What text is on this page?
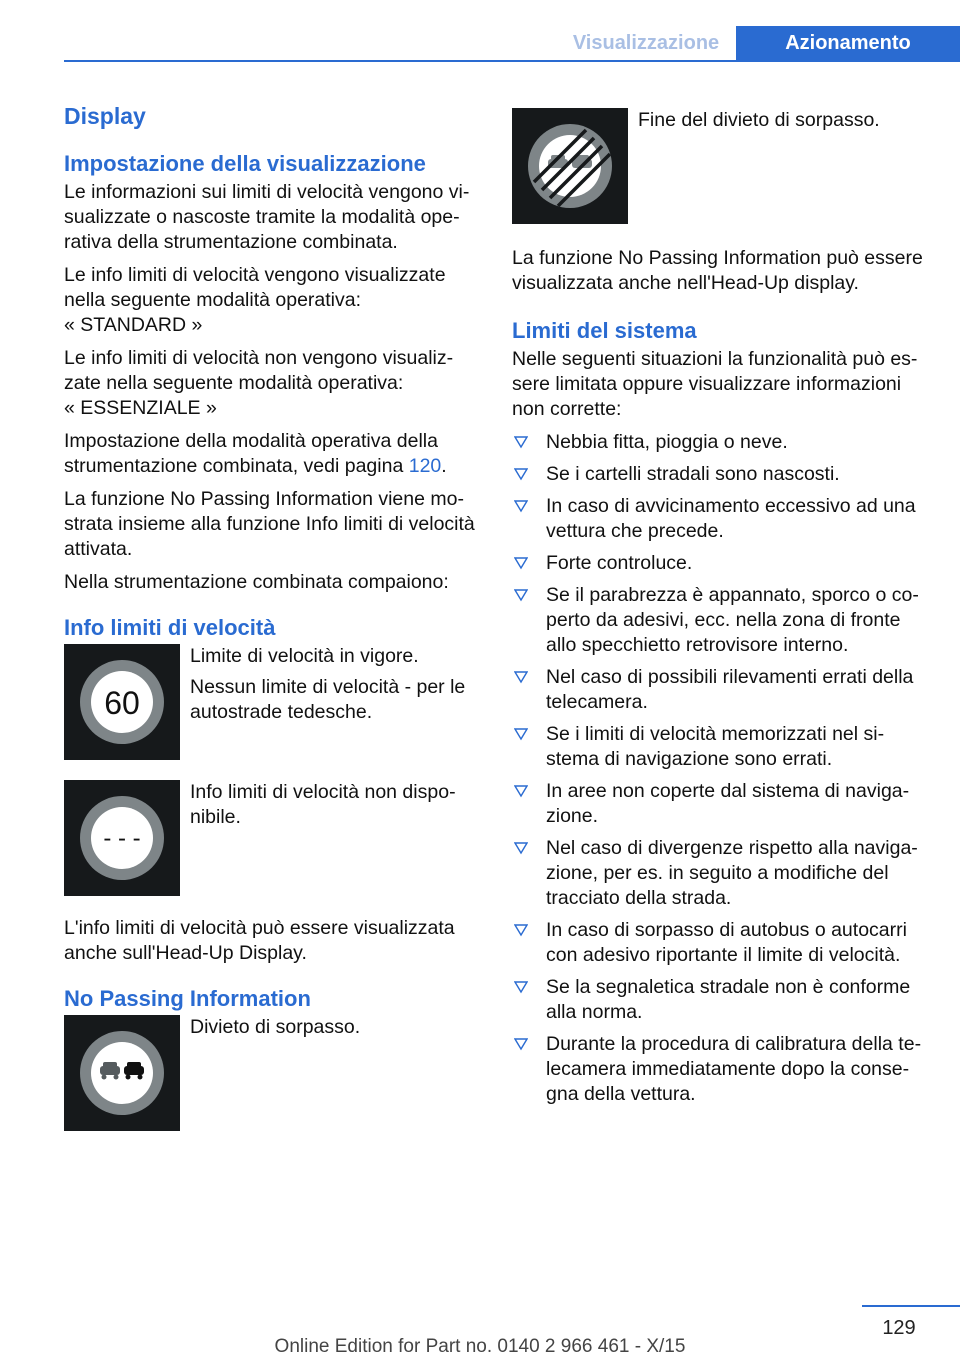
Visualizzazione	Azionamento
Display
Impostazione della visualizzazione

Le informazioni sui limiti di velocità vengono visualizzate o nascoste tramite la modalità operativa della strumentazione combinata.

Le info limiti di velocità vengono visualizzate nella seguente modalità operativa:
« STANDARD »

Le info limiti di velocità non vengono visualizzate nella seguente modalità operativa:
« ESSENZIALE »

Impostazione della modalità operativa della strumentazione combinata, vedi pagina 120.

La funzione No Passing Information viene mostrata insieme alla funzione Info limiti di velocità attivata.

Nella strumentazione combinata compaiono:

Info limiti di velocità
60

Limite di velocità in vigore.

Nessun limite di velocità - per le autostrade tedesche.

- - -

Info limiti di velocità non disponibile.

L'info limiti di velocità può essere visualizzata anche sull'Head-Up Display.

No Passing Information

Divieto di sorpasso.

Fine del divieto di sorpasso.

La funzione No Passing Information può essere visualizzata anche nell'Head-Up display.

Limiti del sistema

Nelle seguenti situazioni la funzionalità può essere limitata oppure visualizzare informazioni non corrette:

Nebbia fitta, pioggia o neve.
Se i cartelli stradali sono nascosti.
In caso di avvicinamento eccessivo ad una vettura che precede.
Forte controluce.
Se il parabrezza è appannato, sporco o coperto da adesivi, ecc. nella zona di fronte allo specchietto retrovisore interno.
Nel caso di possibili rilevamenti errati della telecamera.
Se i limiti di velocità memorizzati nel sistema di navigazione sono errati.
In aree non coperte dal sistema di navigazione.
Nel caso di divergenze rispetto alla navigazione, per es. in seguito a modifiche del tracciato della strada.
In caso di sorpasso di autobus o autocarri con adesivo riportante il limite di velocità.
Se la segnaletica stradale non è conforme alla norma.
Durante la procedura di calibratura della telecamera immediatamente dopo la consegna della vettura.
129
Online Edition for Part no. 0140 2 966 461 - X/15
